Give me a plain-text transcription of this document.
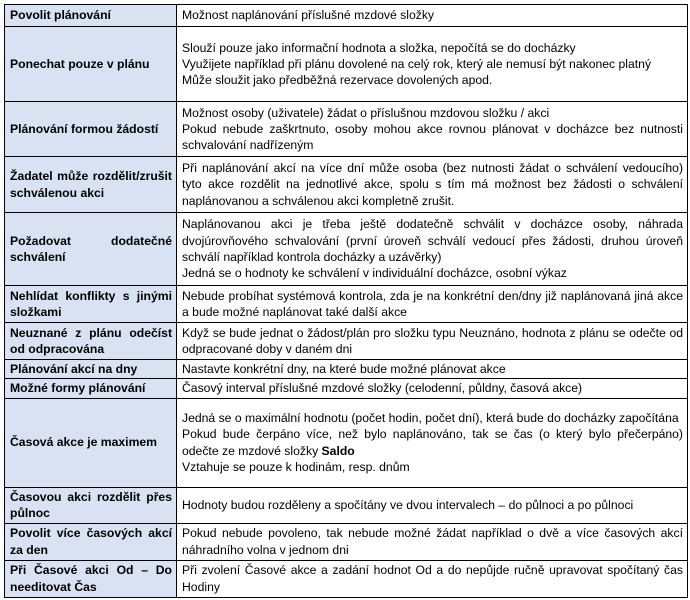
Povolit plánování	Možnost naplánování příslušné mzdové složky

Ponechat pouze v plánu	Slouží pouze jako informační hodnota a složka, nepočítá se do docházky
Využijete například při plánu dovolené na celý rok, který ale nemusí být nakonec platný
Může sloužit jako předběžná rezervace dovolených apod.

Plánování formou žádostí	Možnost osoby (uživatele) žádat o příslušnou mzdovou složku / akci
Pokud nebude zaškrtnuto, osoby mohou akce rovnou plánovat v docházce bez nutnosti schvalování nadřízeným

Žadatel může rozdělit/zrušit schválenou akci	Při naplánování akcí na více dní může osoba (bez nutnosti žádat o schválení vedoucího) tyto akce rozdělit na jednotlivé akce, spolu s tím má možnost bez žádosti o schválení naplánovanou a schválenou akci kompletně zrušit.

Požadovat dodatečné schválení	Naplánovanou akci je třeba ještě dodatečně schválit v docházce osoby, náhrada dvojúrovňového schvalování (první úroveň schválí vedoucí přes žádosti, druhou úroveň schválí například kontrola docházky a uzávěrky)
Jedná se o hodnoty ke schválení v individuální docházce, osobní výkaz

Nehlídat konflikty s jinými složkami	Nebude probíhat systémová kontrola, zda je na konkrétní den/dny již naplánovaná jiná akce a bude možné naplánovat také další akce

Neuznané z plánu odečíst od odpracována	Když se bude jednat o žádost/plán pro složku typu Neuznáno, hodnota z plánu se odečte od odpracované doby v daném dni

Plánování akcí na dny	Nastavte konkrétní dny, na které bude možné plánovat akce

Možné formy plánování	Časový interval příslušné mzdové složky (celodenní, půldny, časová akce)

Časová akce je maximem	Jedná se o maximální hodnotu (počet hodin, počet dní), která bude do docházky započítána
Pokud bude čerpáno více, než bylo naplánováno, tak se čas (o který bylo přečerpáno) odečte ze mzdové složky Saldo
Vztahuje se pouze k hodinám, resp. dnům

Časovou akci rozdělit přes půlnoc	Hodnoty budou rozděleny a spočítány ve dvou intervalech – do půlnoci a po půlnoci

Povolit více časových akcí za den	Pokud nebude povoleno, tak nebude možné žádat například o dvě a více časových akcí náhradního volna v jednom dni

Při Časové akci Od – Do needitovat Čas	Při zvolení Časové akce a zadání hodnot Od a do nepůjde ručně upravovat spočítaný čas Hodiny
